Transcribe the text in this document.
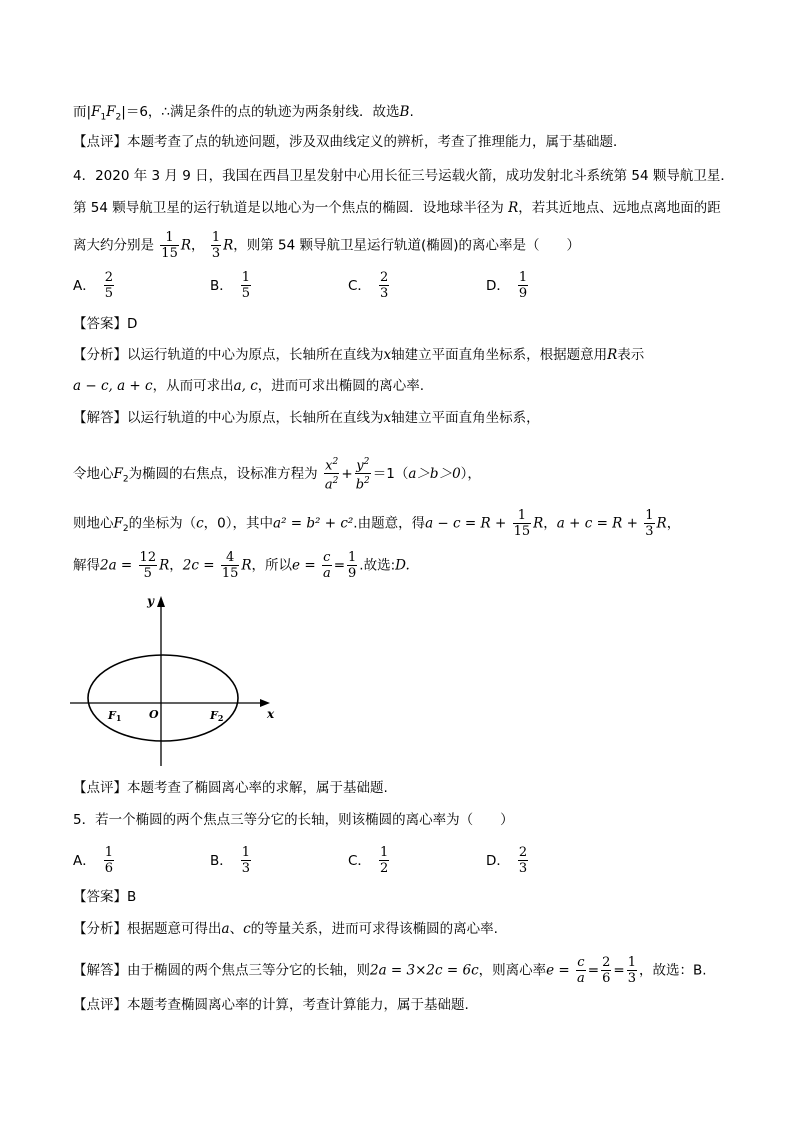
而$|F_1F_2|=6$，∴满足条件的点的轨迹为两条射线．故选B.
【点评】本题考查了点的轨迹问题，涉及双曲线定义的辨析，考查了推理能力，属于基础题．
4．2020 年 3 月 9 日，我国在西昌卫星发射中心用长征三号运载火箭，成功发射北斗系统第 54 颗导航卫星．
第 54 颗导航卫星的运行轨道是以地心为一个焦点的椭圆．设地球半径为 R，若其近地点、远地点离地面的距
离大约分别是 $\frac{1}{15}$ R， $\frac{1}{3}$ R，则第 54 颗导航卫星运行轨道(椭圆)的离心率是（　　）
A． $\frac{2}{5}$	B． $\frac{1}{5}$	C． $\frac{2}{3}$	D． $\frac{1}{9}$
【答案】D
【分析】以运行轨道的中心为原点，长轴所在直线为x轴建立平面直角坐标系，根据题意用R表示
a − c, a + c，从而可求出a, c，进而可求出椭圆的离心率.
【解答】以运行轨道的中心为原点，长轴所在直线为x轴建立平面直角坐标系，
令地心$F_2$为椭圆的右焦点，设标准方程为 $\frac{x^2}{a^2} + \frac{y^2}{b^2} =1(a>b>0)$，
则地心$F_2$的坐标为（c，0），其中a² = b² + c².由题意，得$a - c = R + \frac{1}{15}$ R，$a + c = R + \frac{1}{3}$ R，
解得$2a = \frac{12}{5}$ R，$2c = \frac{4}{15}$ R，所以$e = \frac{c}{a} = \frac{1}{9}$ .故选:D.
y
x
O
F1	F2
【点评】本题考查了椭圆离心率的求解，属于基础题.
5．若一个椭圆的两个焦点三等分它的长轴，则该椭圆的离心率为（　　）
A． $\frac{1}{6}$	B． $\frac{1}{3}$	C． $\frac{1}{2}$	D． $\frac{2}{3}$
【答案】B
【分析】根据题意可得出a、c的等量关系，进而可求得该椭圆的离心率.
【解答】由于椭圆的两个焦点三等分它的长轴，则2a = 3×2c = 6c，则离心率$e = \frac{c}{a} = \frac{2}{6} = \frac{1}{3}$ ，故选：B.
【点评】本题考查椭圆离心率的计算，考查计算能力，属于基础题.
